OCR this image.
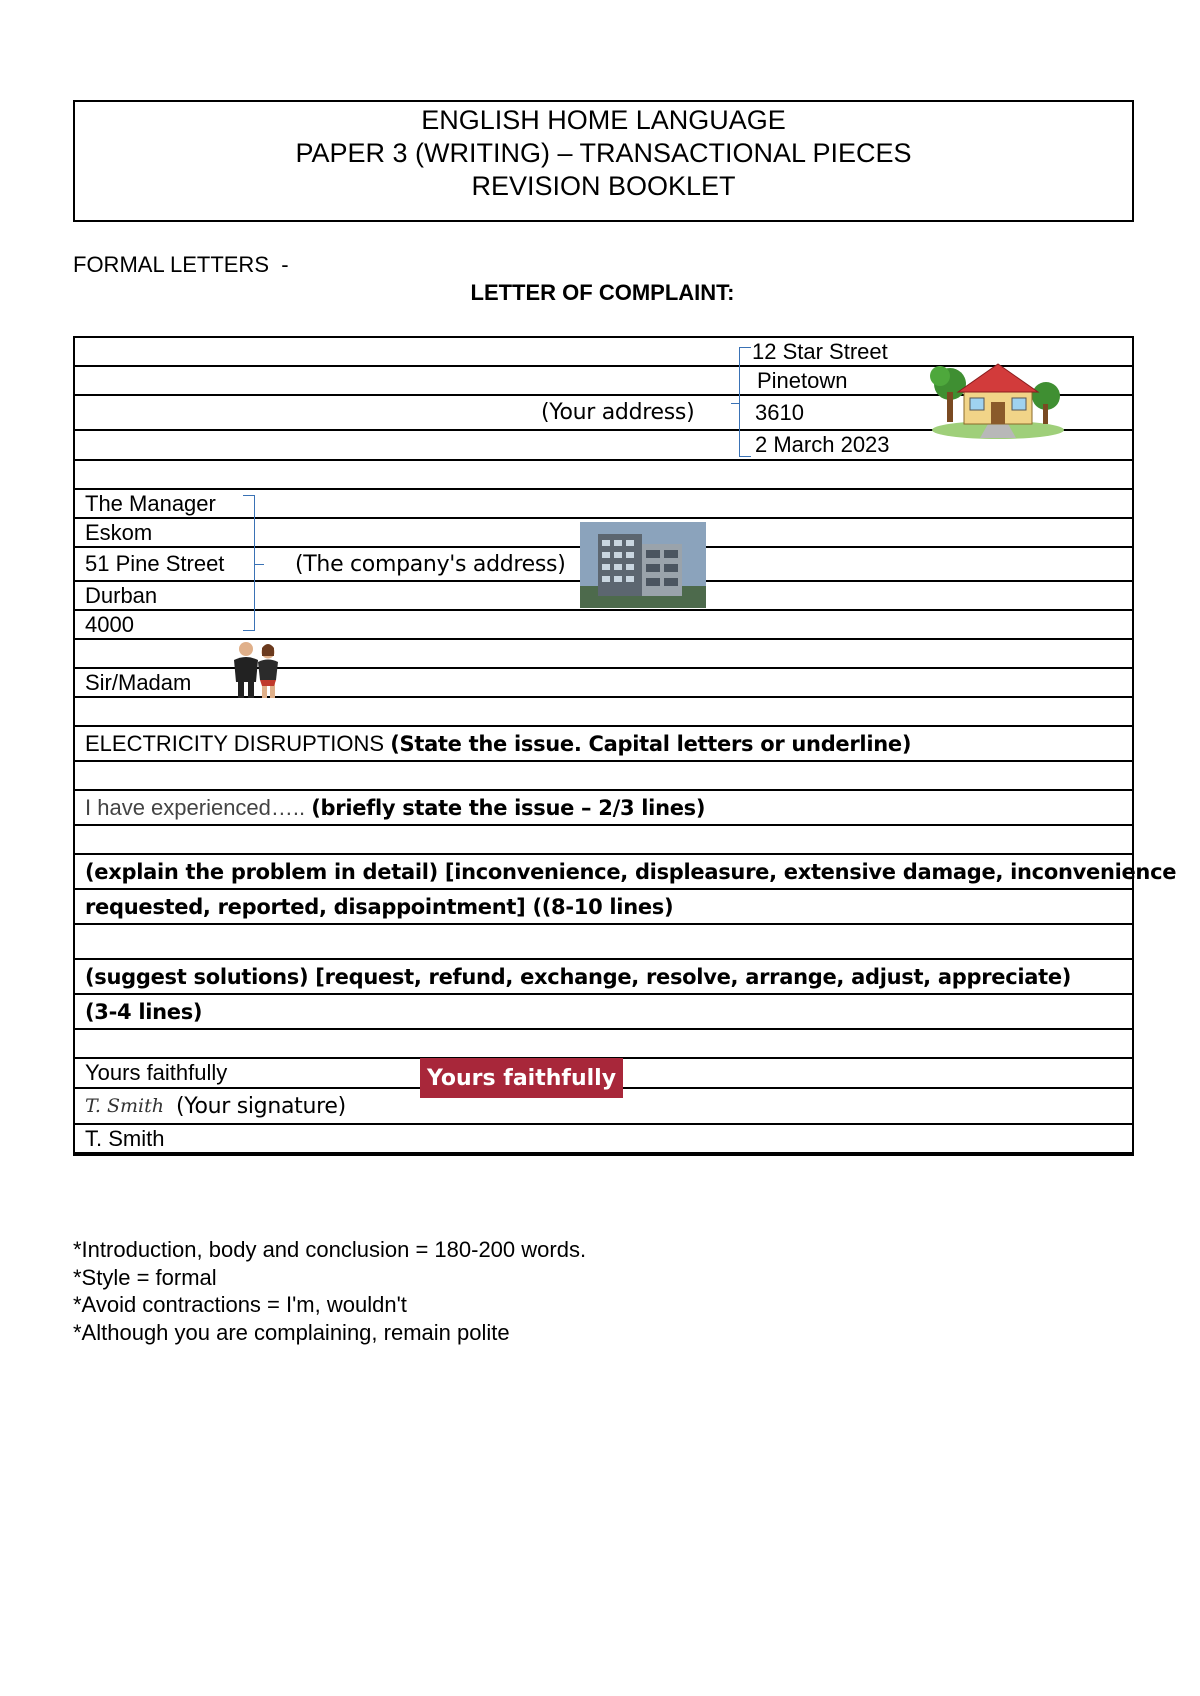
ENGLISH HOME LANGUAGE
PAPER 3 (WRITING) – TRANSACTIONAL PIECES
REVISION BOOKLET
FORMAL LETTERS  -
LETTER OF COMPLAINT:
12 Star Street
Pinetown
(Your address)	3610
2 March 2023
The Manager
Eskom
51 Pine Street	(The company's address)
Durban
4000
Sir/Madam
ELECTRICITY DISRUPTIONS (State the issue. Capital letters or underline)
I have experienced….. (briefly state the issue – 2/3 lines)
(explain the problem in detail) [inconvenience, displeasure, extensive damage, inconvenience
requested, reported, disappointment] ((8-10 lines)
(suggest solutions) [request, refund, exchange, resolve, arrange, adjust, appreciate)
(3-4 lines)
Yours faithfully
T. Smith (Your signature)
T. Smith
Yours faithfully
*Introduction, body and conclusion = 180-200 words.
*Style = formal
*Avoid contractions = I'm, wouldn't
*Although you are complaining, remain polite
